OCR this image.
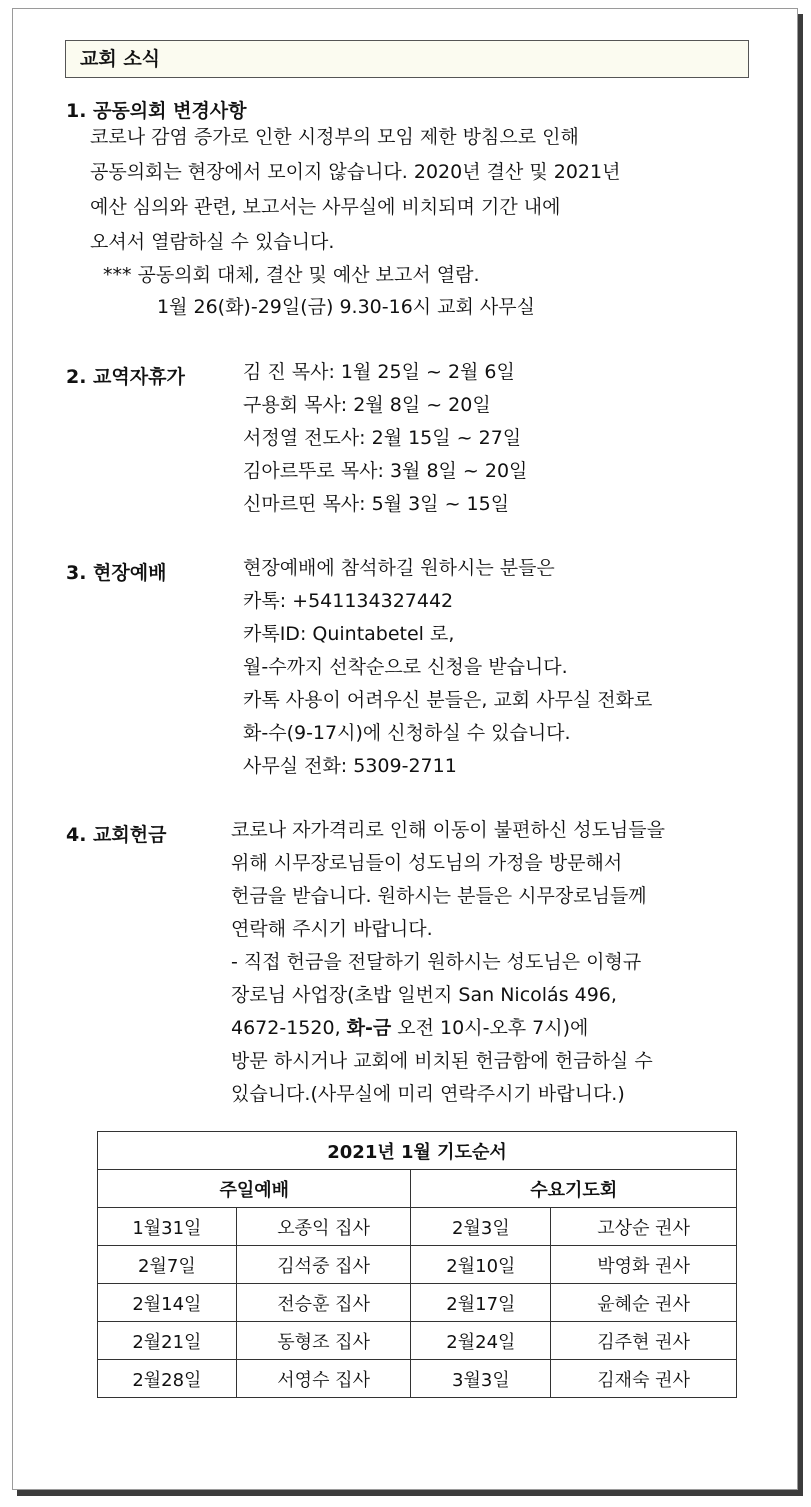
교회 소식
1. 공동의회 변경사항
코로나 감염 증가로 인한 시정부의 모임 제한 방침으로 인해
공동의회는 현장에서 모이지 않습니다. 2020년 결산 및 2021년
예산 심의와 관련, 보고서는 사무실에 비치되며 기간 내에
오셔서 열람하실 수 있습니다.
*** 공동의회 대체, 결산 및 예산 보고서 열람.
1월 26(화)-29일(금) 9.30-16시 교회 사무실
2. 교역자휴가	김 진 목사: 1월 25일 ~ 2월 6일
구용회 목사: 2월 8일 ~ 20일
서정열 전도사: 2월 15일 ~ 27일
김아르뚜로 목사: 3월 8일 ~ 20일
신마르띤 목사: 5월 3일 ~ 15일
3. 현장예배	현장예배에 참석하길 원하시는 분들은
카톡: +541134327442
카톡ID: Quintabetel 로,
월-수까지 선착순으로 신청을 받습니다.
카톡 사용이 어려우신 분들은, 교회 사무실 전화로
화-수(9-17시)에 신청하실 수 있습니다.
사무실 전화: 5309-2711
4. 교회헌금	코로나 자가격리로 인해 이동이 불편하신 성도님들을
위해 시무장로님들이 성도님의 가정을 방문해서
헌금을 받습니다. 원하시는 분들은 시무장로님들께
연락해 주시기 바랍니다.
- 직접 헌금을 전달하기 원하시는 성도님은 이형규
장로님 사업장(초밥 일번지 San Nicolás 496,
4672-1520, 화-금 오전 10시-오후 7시)에
방문 하시거나 교회에 비치된 헌금함에 헌금하실 수
있습니다.(사무실에 미리 연락주시기 바랍니다.)
2021년 1월 기도순서			
주일예배		수요기도회	
1월31일	오종익 집사	2월3일	고상순 권사
2월7일	김석중 집사	2월10일	박영화 권사
2월14일	전승훈 집사	2월17일	윤혜순 권사
2월21일	동형조 집사	2월24일	김주현 권사
2월28일	서영수 집사	3월3일	김재숙 권사
